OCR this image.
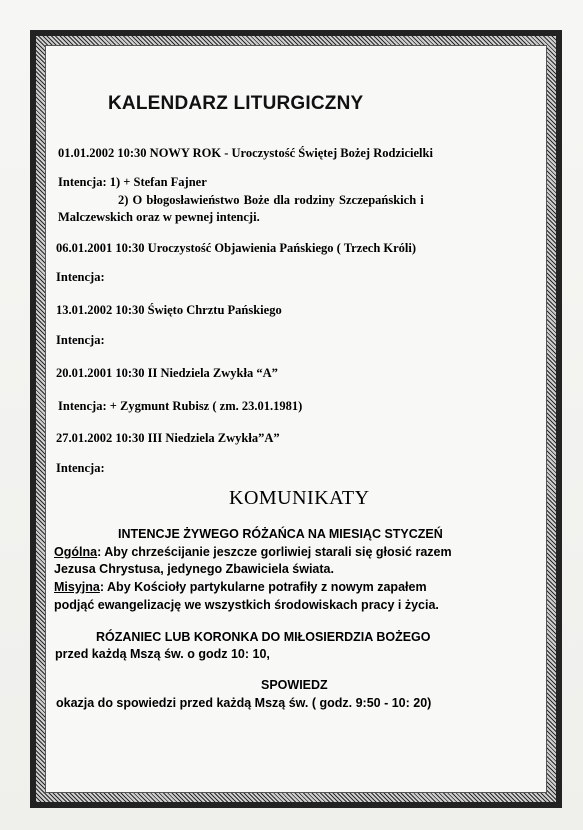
KALENDARZ LITURGICZNY
01.01.2002 10:30 NOWY ROK - Uroczystość Świętej Bożej Rodzicielki
Intencja: 1) + Stefan Fajner
2) O błogosławieństwo Boże dla rodziny Szczepańskich i
Malczewskich oraz w pewnej intencji.
06.01.2001 10:30 Uroczystość Objawienia Pańskiego ( Trzech Króli)
Intencja:
13.01.2002 10:30 Święto Chrztu Pańskiego
Intencja:
20.01.2001 10:30 II Niedziela Zwykła “A”
Intencja: + Zygmunt Rubisz ( zm. 23.01.1981)
27.01.2002 10:30 III Niedziela Zwykła”A”
Intencja:
KOMUNIKATY
INTENCJE ŻYWEGO RÓŻAŃCA NA MIESIĄC STYCZEŃ
Ogólna: Aby chrześcijanie jeszcze gorliwiej starali się głosić razem
Jezusa Chrystusa, jedynego Zbawiciela świata.
Misyjna: Aby Kościoły partykularne potrafiły z nowym zapałem
podjąć ewangelizację we wszystkich środowiskach pracy i życia.
RÓZANIEC LUB KORONKA DO MIŁOSIERDZIA BOŻEGO
przed każdą Mszą św. o godz 10: 10,
SPOWIEDZ
okazja do spowiedzi przed każdą Mszą św. ( godz. 9:50 - 10: 20)
